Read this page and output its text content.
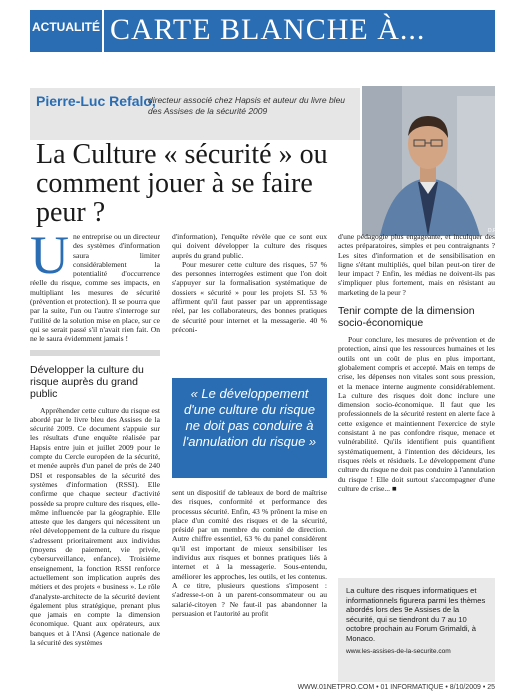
ACTUALITÉ CARTE BLANCHE À...
Pierre-Luc Refalo,
directeur associé chez Hapsis et auteur du livre bleu des Assises de la sécurité 2009
D.R.
La Culture « sécurité » ou comment jouer à se faire peur ?

Une entreprise ou un directeur des systèmes d'information saura limiter considérablement la potentialité d'occurrence réelle du risque, comme ses impacts, en multipliant les mesures de sécurité (prévention et protection). Il se pourra que par la suite, l'un ou l'autre s'interroge sur l'utilité de la solution mise en place, sur ce qui se serait passé s'il n'avait rien fait. On ne le saura évidemment jamais !

Développer la culture du risque auprès du grand public

Appréhender cette culture du risque est abordé par le livre bleu des Assises de la sécurité 2009. Ce document s'appuie sur les résultats d'une enquête réalisée par Hapsis entre juin et juillet 2009 pour le compte du Cercle européen de la sécurité, et menée auprès d'un panel de près de 240 DSI et responsables de la sécurité des systèmes d'information (RSSI). Elle confirme que chaque secteur d'activité possède sa propre culture des risques, elle-même influencée par la géographie. Elle atteste que les dangers qui nécessitent un réel développement de la culture du risque s'adressent prioritairement aux individus (moyens de paiement, vie privée, cybersurveillance, enfance). Troisième enseignement, la fonction RSSI renforce actuellement son implication auprès des métiers et des projets « business ». Le rôle d'analyste-architecte de la sécurité devient également plus stratégique, prenant plus que jamais en compte la dimension économique. Quant aux opérateurs, aux banques et à l'Ansi (Agence nationale de la sécurité des systèmes

d'information), l'enquête révèle que ce sont eux qui doivent développer la culture des risques auprès du grand public.

Pour mesurer cette culture des risques, 57 % des personnes interrogées estiment que l'on doit s'appuyer sur la formalisation systématique de dossiers « sécurité » pour les projets SI. 53 % affirment qu'il faut passer par un apprentissage réel, par les collaborateurs, des bonnes pratiques de sécurité pour internet et la messagerie. 40 % préconi-

« Le développement d'une culture du risque ne doit pas conduire à l'annulation du risque »

sent un dispositif de tableaux de bord de maîtrise des risques, conformité et performance des processus sécurité. Enfin, 43 % prônent la mise en place d'un comité des risques et de la sécurité, présidé par un membre du comité de direction. Autre chiffre essentiel, 63 % du panel considèrent qu'il est important de mieux sensibiliser les individus aux risques et bonnes pratiques liés à internet et à la messagerie. Sous-entendu, améliorer les approches, les outils, et les contenus. A ce titre, plusieurs questions s'imposent : s'adresse-t-on à un parent-consommateur ou au salarié-citoyen ? Ne faut-il pas abandonner la persuasion et l'autorité au profit

d'une pédagogie plus engageante, et inculquer des actes préparatoires, simples et peu contraignants ? Les sites d'information et de sensibilisation en ligne s'étant multipliés, quel bilan peut-on tirer de leur impact ? Enfin, les médias ne doivent-ils pas s'impliquer plus fortement, mais en résistant au marketing de la peur ?

Tenir compte de la dimension socio-économique

Pour conclure, les mesures de prévention et de protection, ainsi que les ressources humaines et les outils ont un coût de plus en plus important, globalement compris et accepté. Mais en temps de crise, les dépenses non vitales sont sous pression, et la menace interne augmente considérablement. La culture des risques doit donc inclure une dimension socio-économique. Il faut que les professionnels de la sécurité restent en alerte face à cette exigence et maintiennent l'exercice de style consistant à ne pas confondre risque, menace et vulnérabilité. Qu'ils identifient puis quantifient systématiquement, à l'intention des décideurs, les risques réels et résiduels. Le développement d'une culture du risque ne doit pas conduire à l'annulation du risque ! Elle doit surtout s'accompagner d'une culture de crise... ■

La culture des risques informatiques et informationnels figurera parmi les thèmes abordés lors des 9e Assises de la sécurité, qui se tiendront du 7 au 10 octobre prochain au Forum Grimaldi, à Monaco.
www.les-assises-de-la-securite.com
WWW.01NETPRO.COM • 01 INFORMATIQUE • 8/10/2009 • 25
